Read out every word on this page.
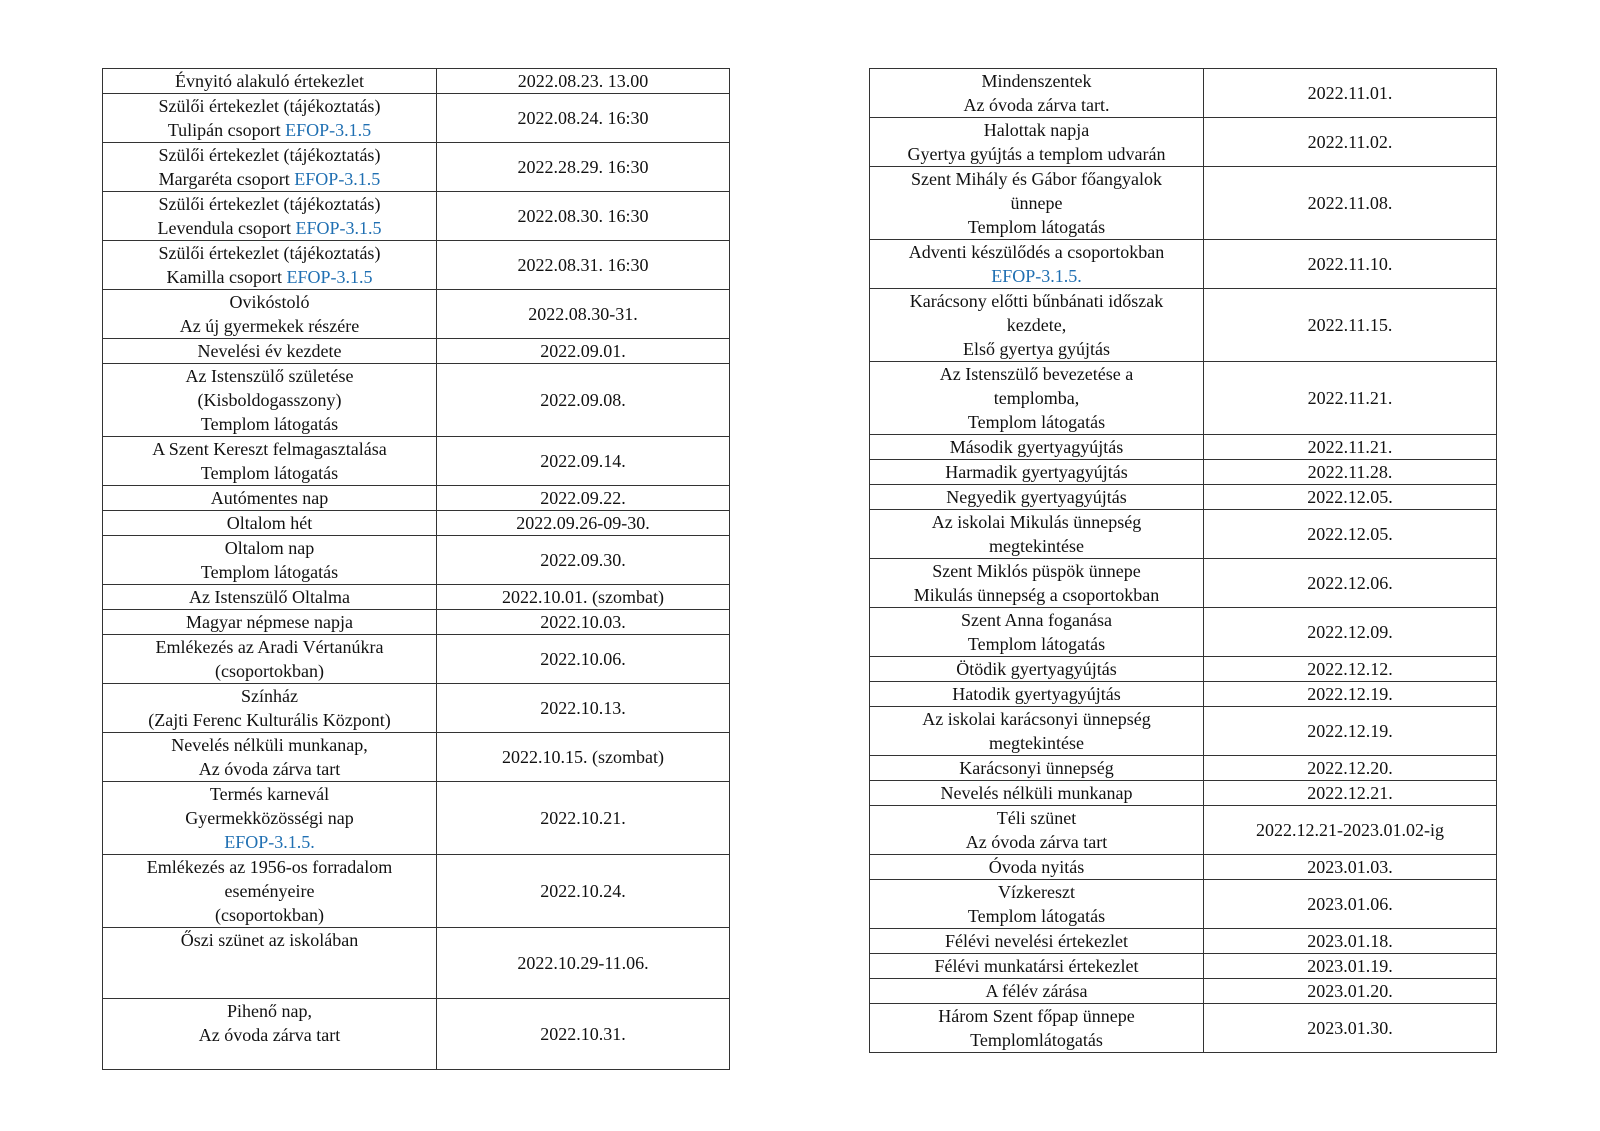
Évnyitó alakuló értekezlet	2022.08.23. 13.00

Szülői értekezlet (tájékoztatás)
Tulipán csoport EFOP-3.1.5	2022.08.24. 16:30

Szülői értekezlet (tájékoztatás)
Margaréta csoport EFOP-3.1.5	2022.28.29. 16:30

Szülői értekezlet (tájékoztatás)
Levendula csoport EFOP-3.1.5	2022.08.30. 16:30

Szülői értekezlet (tájékoztatás)
Kamilla csoport EFOP-3.1.5	2022.08.31. 16:30

Ovikóstoló
Az új gyermekek részére	2022.08.30-31.

Nevelési év kezdete	2022.09.01.

Az Istenszülő születése
(Kisboldogasszony)
Templom látogatás	2022.09.08.

A Szent Kereszt felmagasztalása
Templom látogatás	2022.09.14.

Autómentes nap	2022.09.22.

Oltalom hét	2022.09.26-09-30.

Oltalom nap
Templom látogatás	2022.09.30.

Az Istenszülő Oltalma	2022.10.01. (szombat)

Magyar népmese napja	2022.10.03.

Emlékezés az Aradi Vértanúkra
(csoportokban)	2022.10.06.

Színház
(Zajti Ferenc Kulturális Központ)	2022.10.13.

Nevelés nélküli munkanap,
Az óvoda zárva tart	2022.10.15. (szombat)

Termés karnevál
Gyermekközösségi nap
EFOP-3.1.5.	2022.10.21.

Emlékezés az 1956-os forradalom
eseményeire
(csoportokban)	2022.10.24.

Őszi szünet az iskolában	2022.10.29-11.06.

Pihenő nap,
Az óvoda zárva tart	2022.10.31.
Mindenszentek
Az óvoda zárva tart.	2022.11.01.

Halottak napja
Gyertya gyújtás a templom udvarán	2022.11.02.

Szent Mihály és Gábor főangyalok
ünnepe
Templom látogatás	2022.11.08.

Adventi készülődés a csoportokban
EFOP-3.1.5.	2022.11.10.

Karácsony előtti bűnbánati időszak
kezdete,
Első gyertya gyújtás	2022.11.15.

Az Istenszülő bevezetése a
templomba,
Templom látogatás	2022.11.21.

Második gyertyagyújtás	2022.11.21.

Harmadik gyertyagyújtás	2022.11.28.

Negyedik gyertyagyújtás	2022.12.05.

Az iskolai Mikulás ünnepség
megtekintése	2022.12.05.

Szent Miklós püspök ünnepe
Mikulás ünnepség a csoportokban	2022.12.06.

Szent Anna foganása
Templom látogatás	2022.12.09.

Ötödik gyertyagyújtás	2022.12.12.

Hatodik gyertyagyújtás	2022.12.19.

Az iskolai karácsonyi ünnepség
megtekintése	2022.12.19.

Karácsonyi ünnepség	2022.12.20.

Nevelés nélküli munkanap	2022.12.21.

Téli szünet
Az óvoda zárva tart	2022.12.21-2023.01.02-ig

Óvoda nyitás	2023.01.03.

Vízkereszt
Templom látogatás	2023.01.06.

Félévi nevelési értekezlet	2023.01.18.

Félévi munkatársi értekezlet	2023.01.19.

A félév zárása	2023.01.20.

Három Szent főpap ünnepe
Templomlátogatás	2023.01.30.
